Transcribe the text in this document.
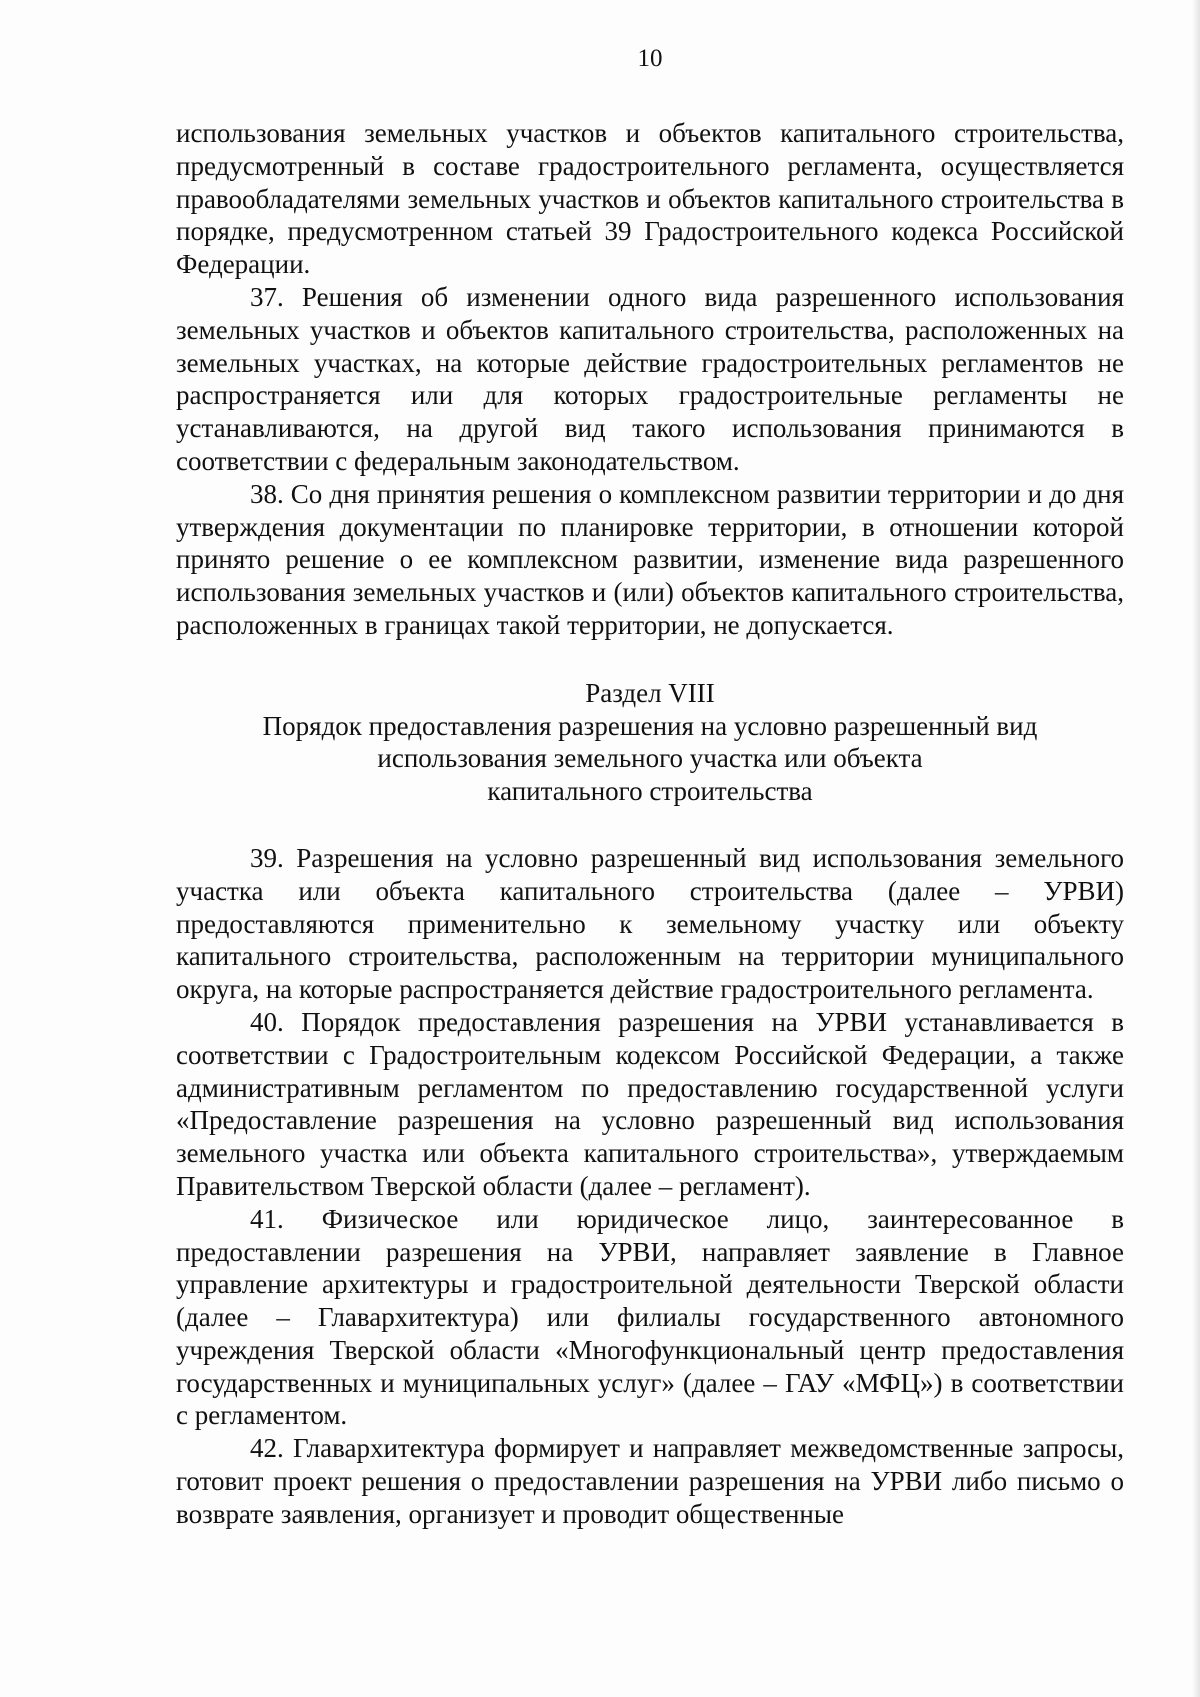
10

использования земельных участков и объектов капитального строительства, предусмотренный в составе градостроительного регламента, осуществляется правообладателями земельных участков и объектов капитального строительства в порядке, предусмотренном статьей 39 Градостроительного кодекса Российской Федерации.

37. Решения об изменении одного вида разрешенного использования земельных участков и объектов капитального строительства, расположенных на земельных участках, на которые действие градостроительных регламентов не распространяется или для которых градостроительные регламенты не устанавливаются, на другой вид такого использования принимаются в соответствии с федеральным законодательством.

38. Со дня принятия решения о комплексном развитии территории и до дня утверждения документации по планировке территории, в отношении которой принято решение о ее комплексном развитии, изменение вида разрешенного использования земельных участков и (или) объектов капитального строительства, расположенных в границах такой территории, не допускается.

Раздел VIII
Порядок предоставления разрешения на условно разрешенный вид
использования земельного участка или объекта
капитального строительства

39. Разрешения на условно разрешенный вид использования земельного участка или объекта капитального строительства (далее – УРВИ) предоставляются применительно к земельному участку или объекту капитального строительства, расположенным на территории муниципального округа, на которые распространяется действие градостроительного регламента.

40. Порядок предоставления разрешения на УРВИ устанавливается в соответствии с Градостроительным кодексом Российской Федерации, а также административным регламентом по предоставлению государственной услуги «Предоставление разрешения на условно разрешенный вид использования земельного участка или объекта капитального строительства», утверждаемым Правительством Тверской области (далее – регламент).

41. Физическое или юридическое лицо, заинтересованное в предоставлении разрешения на УРВИ, направляет заявление в Главное управление архитектуры и градостроительной деятельности Тверской области (далее – Главархитектура) или филиалы государственного автономного учреждения Тверской области «Многофункциональный центр предоставления государственных и муниципальных услуг» (далее – ГАУ «МФЦ») в соответствии с регламентом.

42. Главархитектура формирует и направляет межведомственные запросы, готовит проект решения о предоставлении разрешения на УРВИ либо письмо о возврате заявления, организует и проводит общественные
